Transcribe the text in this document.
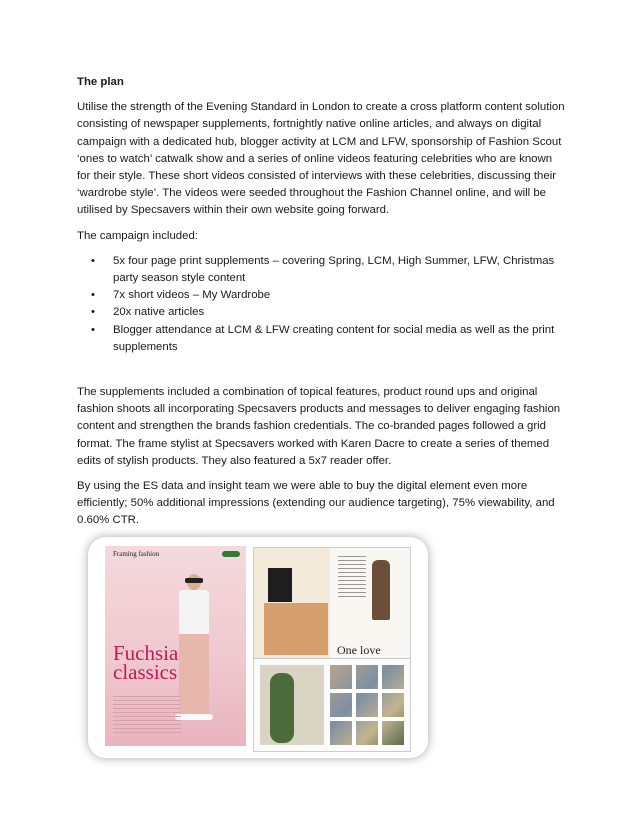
The plan

Utilise the strength of the Evening Standard in London to create a cross platform content solution consisting of newspaper supplements, fortnightly native online articles, and always on digital campaign with a dedicated hub, blogger activity at LCM and LFW, sponsorship of Fashion Scout ‘ones to watch’ catwalk show and a series of online videos featuring celebrities who are known for their style. These short videos consisted of interviews with these celebrities, discussing their ‘wardrobe style’. The videos were seeded throughout the Fashion Channel online, and will be utilised by Specsavers within their own website going forward.

The campaign included:

• 5x four page print supplements – covering Spring, LCM, High Summer, LFW, Christmas party season style content
• 7x short videos – My Wardrobe
• 20x native articles
• Blogger attendance at LCM & LFW creating content for social media as well as the print supplements

The supplements included a combination of topical features, product round ups and original fashion shoots all incorporating Specsavers products and messages to deliver engaging fashion content and strengthen the brands fashion credentials. The co-branded pages followed a grid format. The frame stylist at Specsavers worked with Karen Dacre to create a series of themed edits of stylish products. They also featured a 5x7 reader offer.

By using the ES data and insight team we were able to buy the digital element even more efficiently; 50% additional impressions (extending our audience targeting), 75% viewability, and 0.60% CTR.

Framing fashion
Fuchsia classics
One love
